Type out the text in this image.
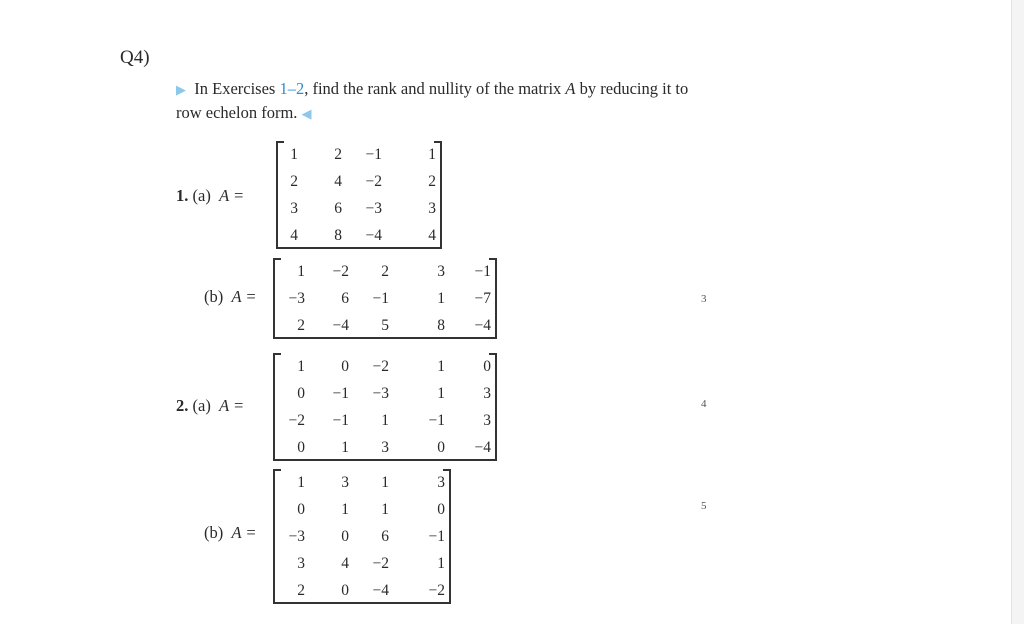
Q4)
▶ In Exercises 1–2, find the rank and nullity of the matrix A by reducing it to row echelon form. ◀
1. (a) A =
1	2	−1	1
2	4	−2	2
3	6	−3	3
4	8	−4	4
(b) A =
1	−2	2	3	−1
−3	6	−1	1	−7
2	−4	5	8	−4
2. (a) A =
1	0	−2	1	0
0	−1	−3	1	3
−2	−1	1	−1	3
0	1	3	0	−4
(b) A =
1	3	1	3
0	1	1	0
−3	0	6	−1
3	4	−2	1
2	0	−4	−2
3
4
5
